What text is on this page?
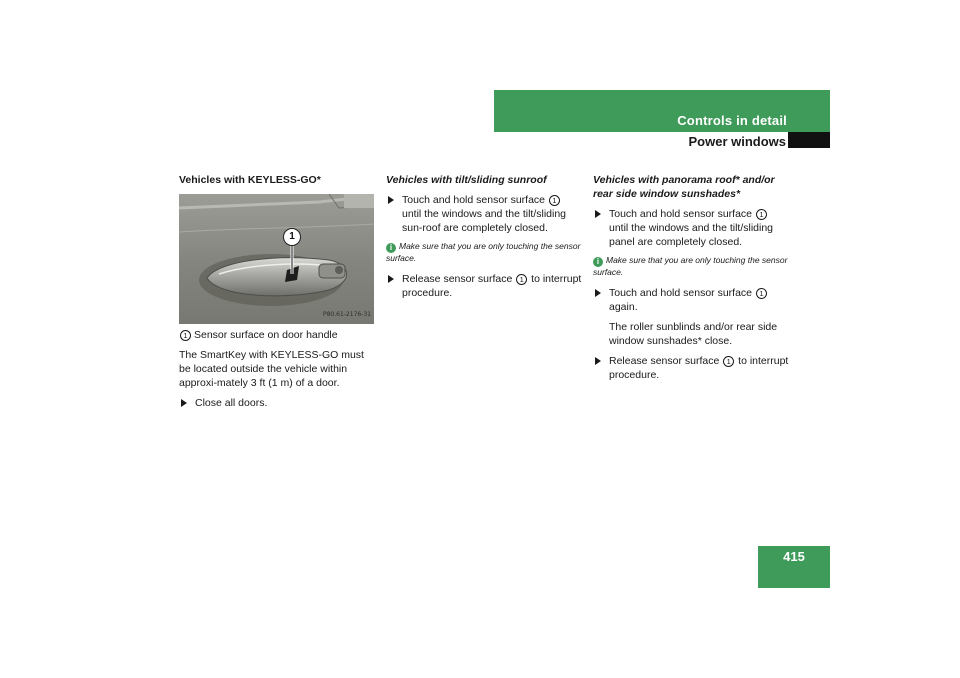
Controls in detail
Power windows
Vehicles with KEYLESS-GO*
1
P80.61-2176-31
1 Sensor surface on door handle
The SmartKey with KEYLESS-GO must be located outside the vehicle within approxi-mately 3 ft (1 m) of a door.
Close all doors.
Vehicles with tilt/sliding sunroof
Touch and hold sensor surface 1 until the windows and the tilt/sliding sun-roof are completely closed.
i Make sure that you are only touching the sensor surface.
Release sensor surface 1 to interrupt procedure.
Vehicles with panorama roof* and/or rear side window sunshades*
Touch and hold sensor surface 1 until the windows and the tilt/sliding panel are completely closed.
i Make sure that you are only touching the sensor surface.
Touch and hold sensor surface 1 again.
The roller sunblinds and/or rear side window sunshades* close.
Release sensor surface 1 to interrupt procedure.
415
